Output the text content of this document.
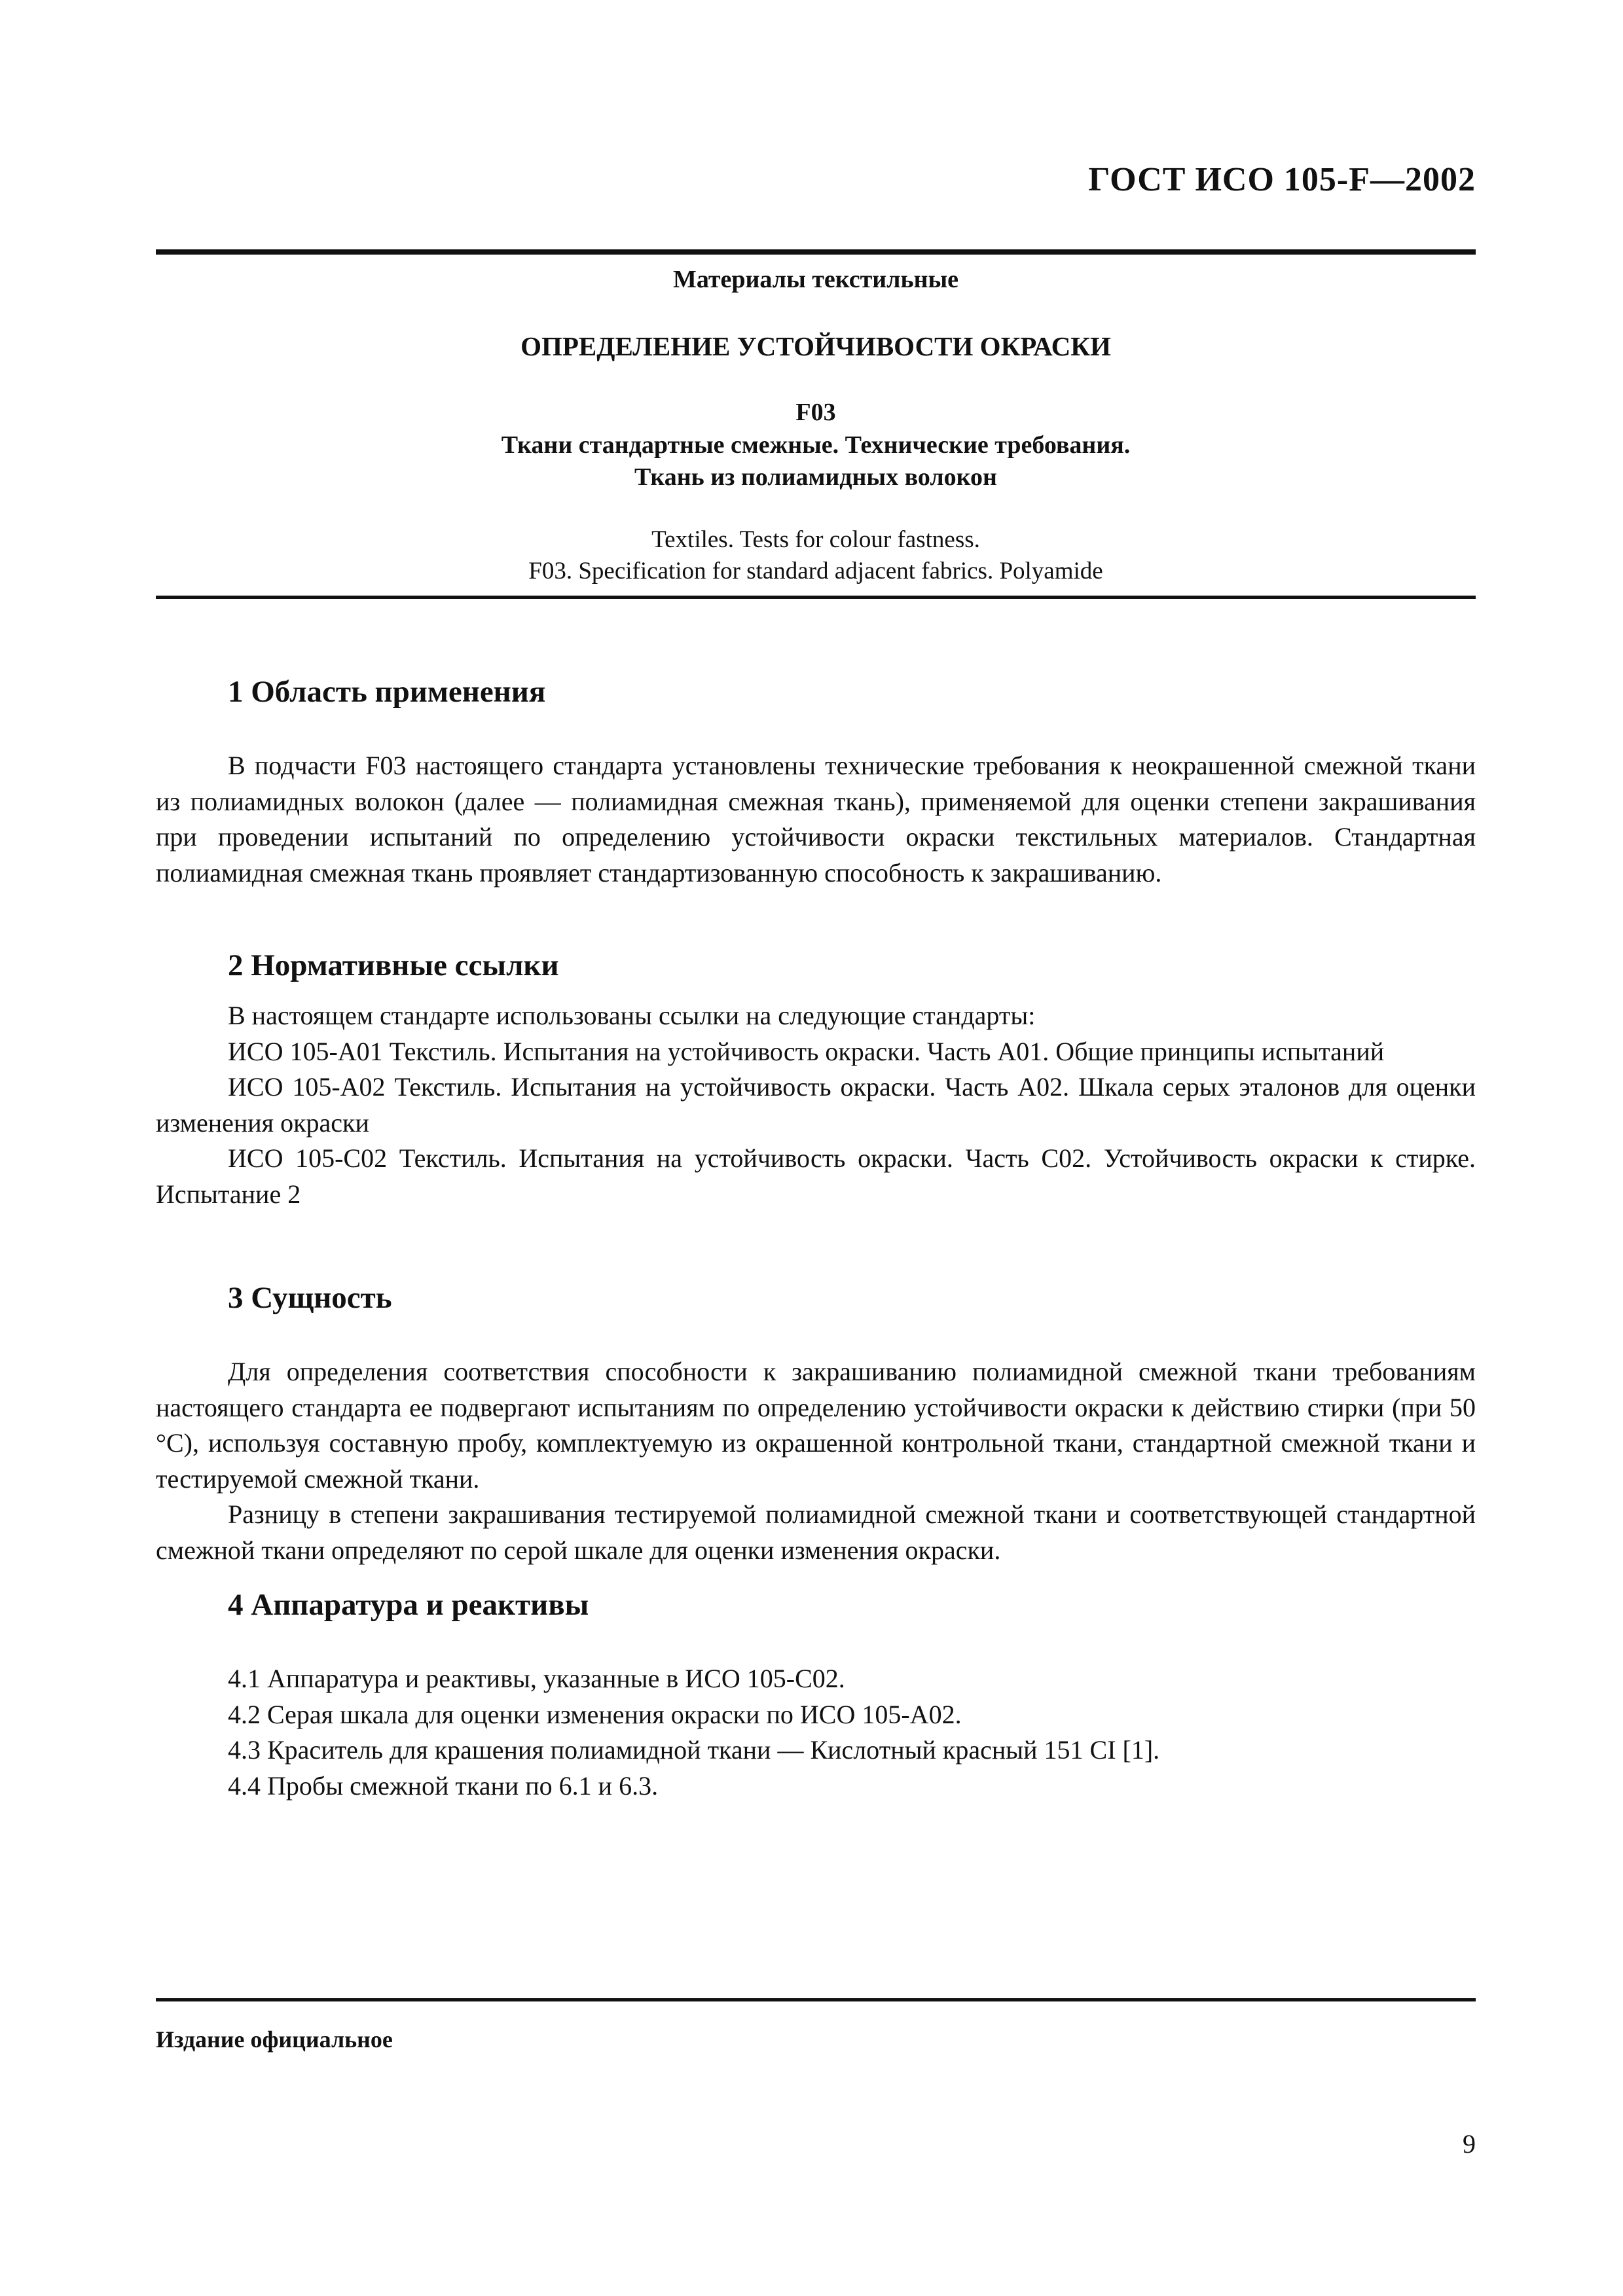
ГОСТ ИСО 105-F—2002
Материалы текстильные
ОПРЕДЕЛЕНИЕ УСТОЙЧИВОСТИ ОКРАСКИ
F03
Ткани стандартные смежные. Технические требования.
Ткань из полиамидных волокон
Textiles. Tests for colour fastness.
F03. Specification for standard adjacent fabrics. Polyamide
1 Область применения

В подчасти F03 настоящего стандарта установлены технические требования к неокрашенной смежной ткани из полиамидных волокон (далее — полиамидная смежная ткань), применяемой для оценки степени закрашивания при проведении испытаний по определению устойчивости окраски текстильных материалов. Стандартная полиамидная смежная ткань проявляет стандартизованную способность к закрашиванию.

2 Нормативные ссылки

В настоящем стандарте использованы ссылки на следующие стандарты:

ИСО 105-A01 Текстиль. Испытания на устойчивость окраски. Часть A01. Общие принципы испытаний

ИСО 105-A02 Текстиль. Испытания на устойчивость окраски. Часть A02. Шкала серых эталонов для оценки изменения окраски

ИСО 105-C02 Текстиль. Испытания на устойчивость окраски. Часть C02. Устойчивость окраски к стирке. Испытание 2

3 Сущность

Для определения соответствия способности к закрашиванию полиамидной смежной ткани требованиям настоящего стандарта ее подвергают испытаниям по определению устойчивости окраски к действию стирки (при 50 °С), используя составную пробу, комплектуемую из окрашенной контрольной ткани, стандартной смежной ткани и тестируемой смежной ткани.

Разницу в степени закрашивания тестируемой полиамидной смежной ткани и соответствующей стандартной смежной ткани определяют по серой шкале для оценки изменения окраски.

4 Аппаратура и реактивы
4.1 Аппаратура и реактивы, указанные в ИСО 105-С02.
4.2 Серая шкала для оценки изменения окраски по ИСО 105-А02.
4.3 Краситель для крашения полиамидной ткани — Кислотный красный 151 CI [1].
4.4 Пробы смежной ткани по 6.1 и 6.3.
Издание официальное
9
